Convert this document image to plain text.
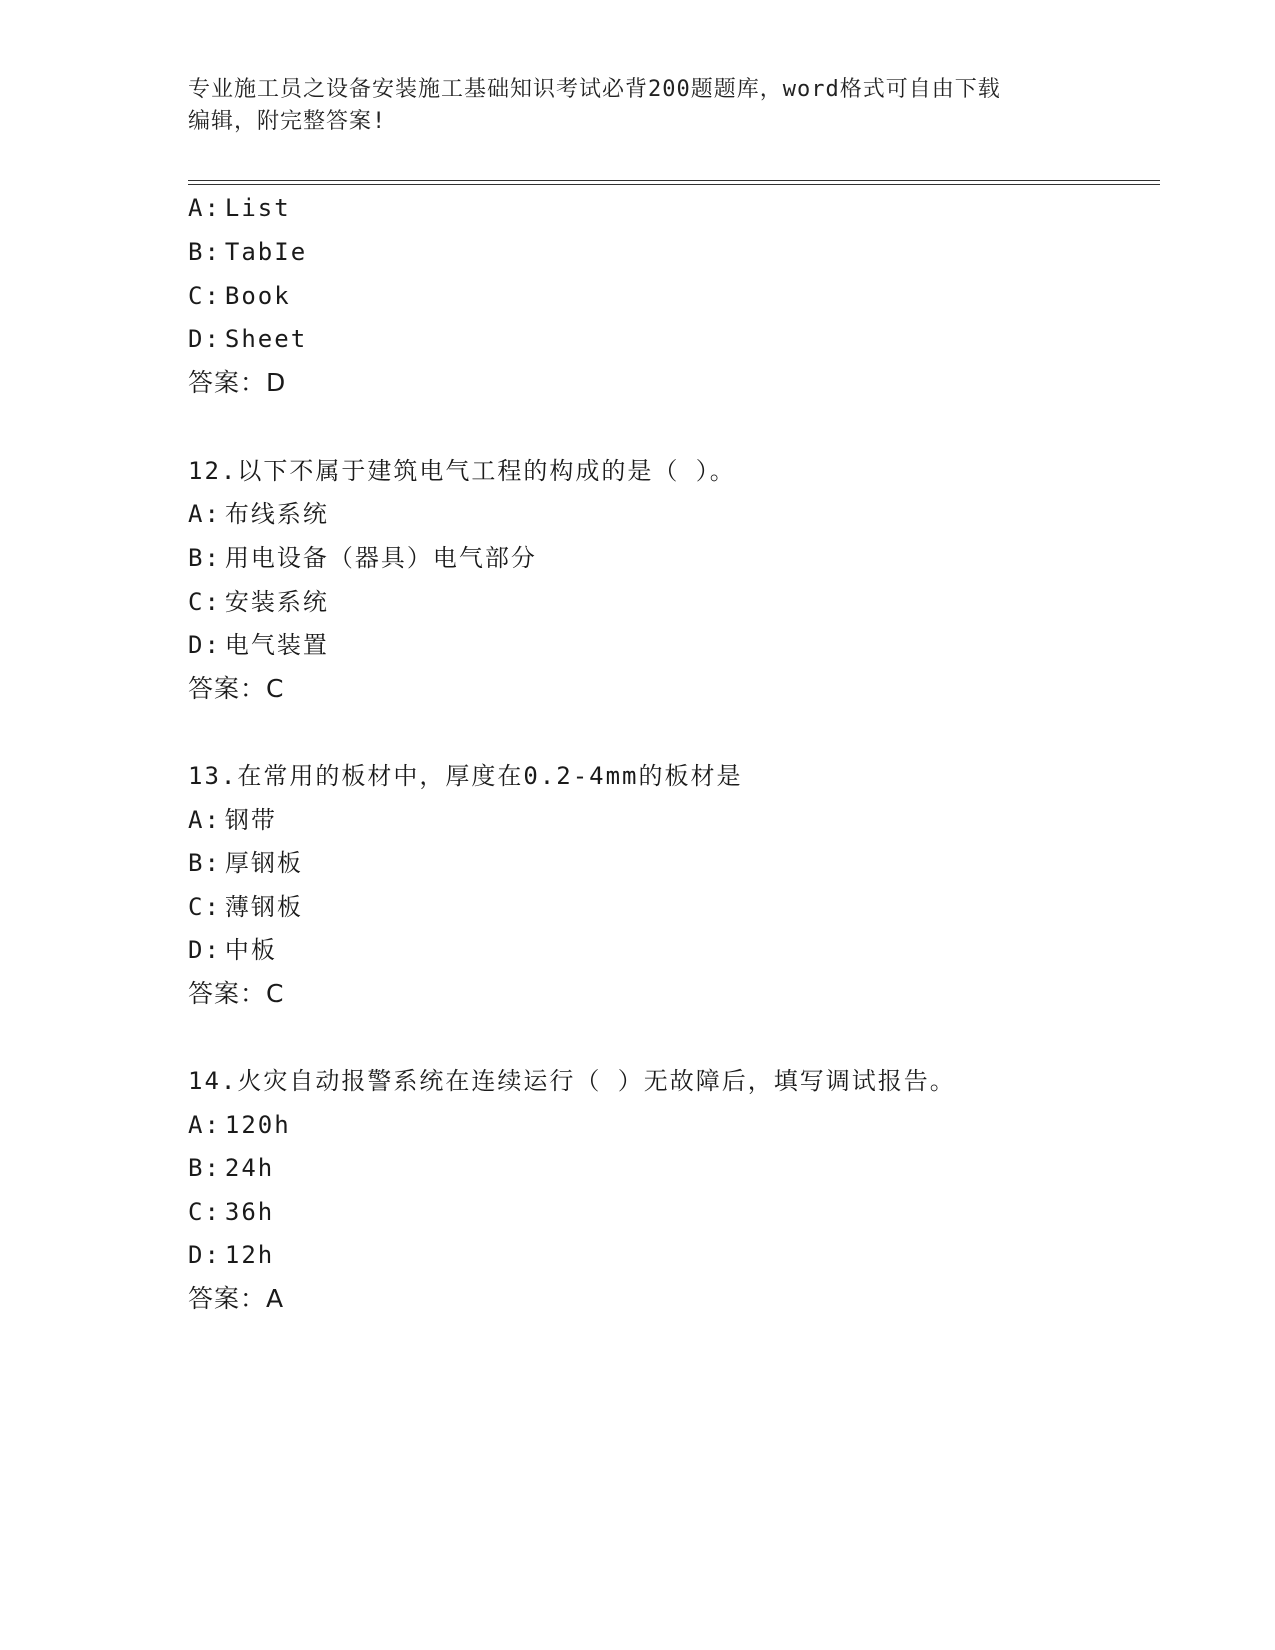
专业施工员之设备安装施工基础知识考试必背200题题库，word格式可自由下载
编辑，附完整答案!
A: List
B: TabIe
C: Book
D: Sheet
答案：D
12.以下不属于建筑电气工程的构成的是（ ）。
A: 布线系统
B: 用电设备（器具）电气部分
C: 安装系统
D: 电气装置
答案：C
13.在常用的板材中，厚度在0.2-4mm的板材是
A: 钢带
B: 厚钢板
C: 薄钢板
D: 中板
答案：C
14.火灾自动报警系统在连续运行（ ）无故障后，填写调试报告。
A: 120h
B: 24h
C: 36h
D: 12h
答案：A
